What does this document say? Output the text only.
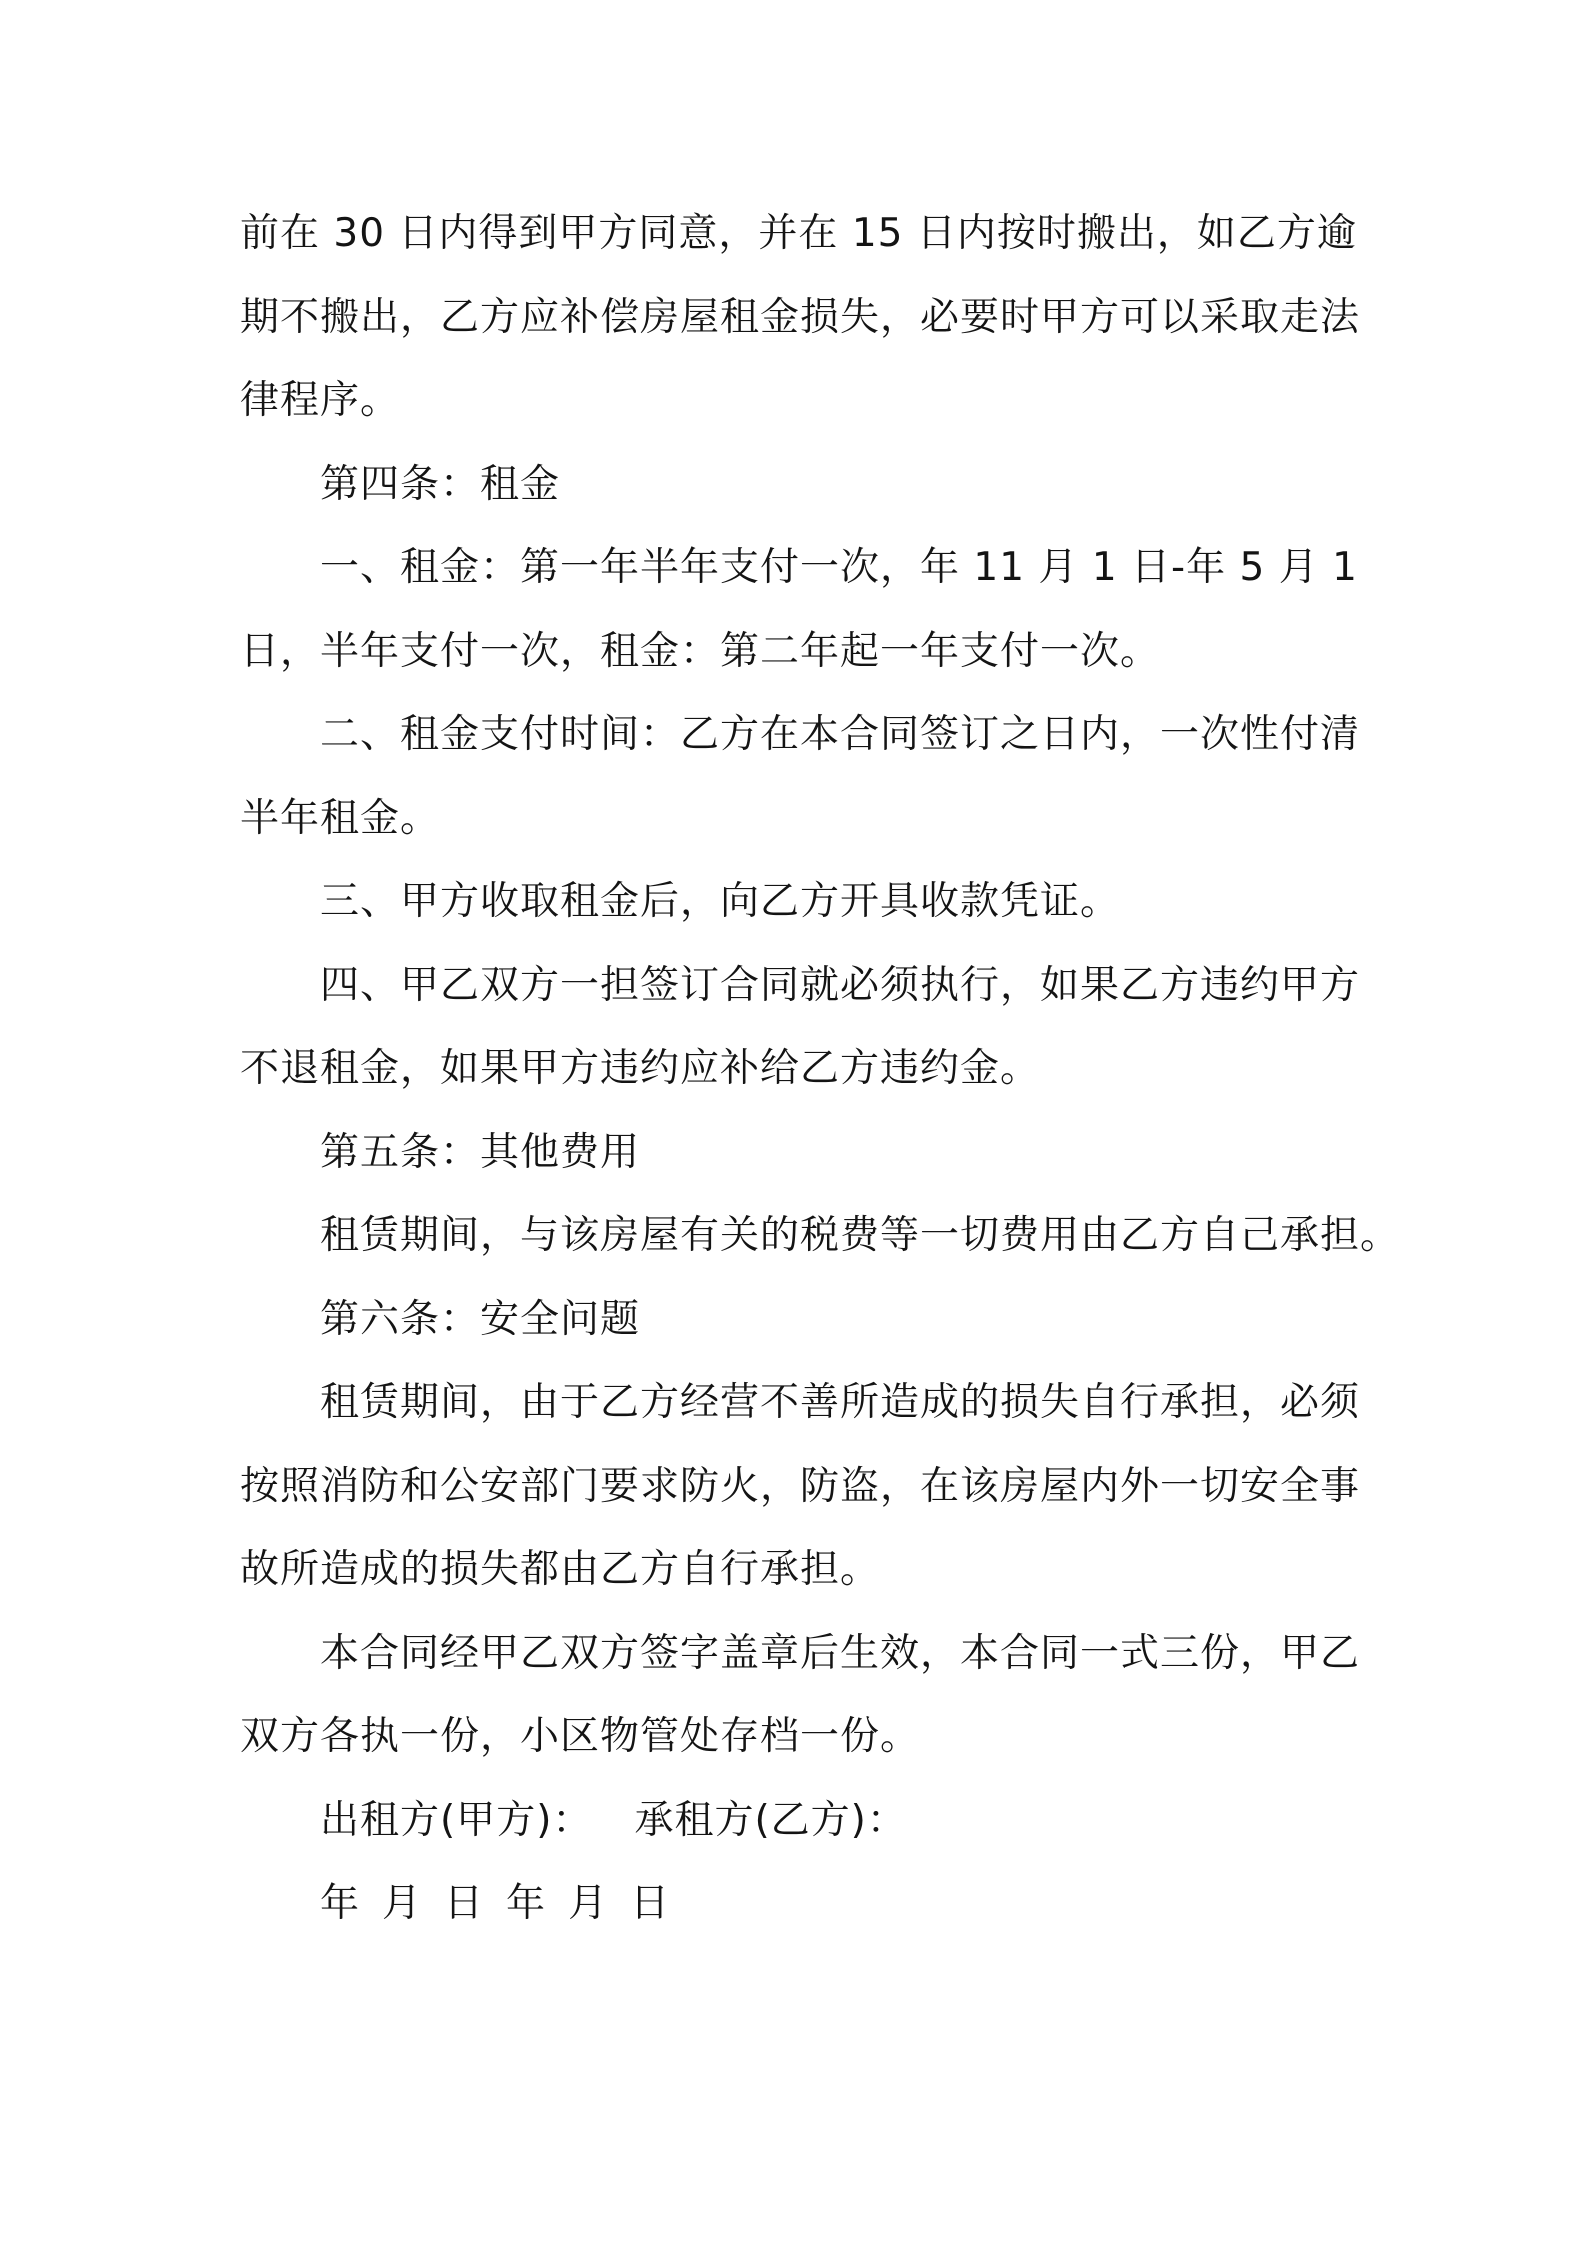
前在 30 日内得到甲方同意，并在 15 日内按时搬出，如乙方逾
期不搬出，乙方应补偿房屋租金损失，必要时甲方可以采取走法
律程序。
第四条：租金
一、租金：第一年半年支付一次，年 11 月 1 日-年 5 月 1
日，半年支付一次，租金：第二年起一年支付一次。
二、租金支付时间：乙方在本合同签订之日内，一次性付清
半年租金。
三、甲方收取租金后，向乙方开具收款凭证。
四、甲乙双方一担签订合同就必须执行，如果乙方违约甲方
不退租金，如果甲方违约应补给乙方违约金。
第五条：其他费用
租赁期间，与该房屋有关的税费等一切费用由乙方自己承担。
第六条：安全问题
租赁期间，由于乙方经营不善所造成的损失自行承担，必须
按照消防和公安部门要求防火，防盗，在该房屋内外一切安全事
故所造成的损失都由乙方自行承担。
本合同经甲乙双方签字盖章后生效，本合同一式三份，甲乙
双方各执一份，小区物管处存档一份。
出租方(甲方)： 承租方(乙方)：
年 月 日 年 月 日
